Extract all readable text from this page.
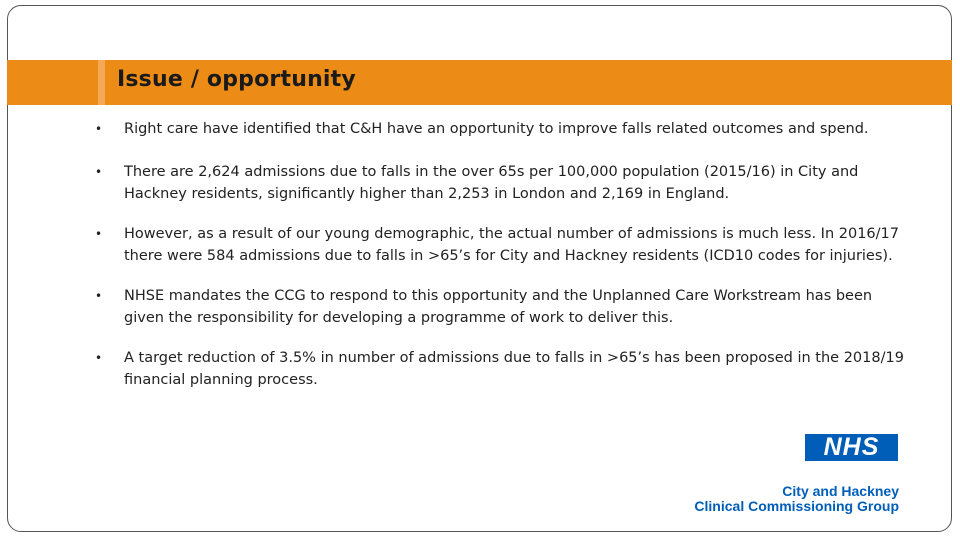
Issue / opportunity
• Right care have identified that C&H have an opportunity to improve falls related outcomes and spend.
• There are 2,624 admissions due to falls in the over 65s per 100,000 population (2015/16) in City and Hackney residents, significantly higher than 2,253 in London and 2,169 in England.
• However, as a result of our young demographic, the actual number of admissions is much less. In 2016/17 there were 584 admissions due to falls in >65’s for City and Hackney residents (ICD10 codes for injuries).
• NHSE mandates the CCG to respond to this opportunity and the Unplanned Care Workstream has been given the responsibility for developing a programme of work to deliver this.
• A target reduction of 3.5% in number of admissions due to falls in >65’s has been proposed in the 2018/19 financial planning process.
NHS
City and Hackney
Clinical Commissioning Group
